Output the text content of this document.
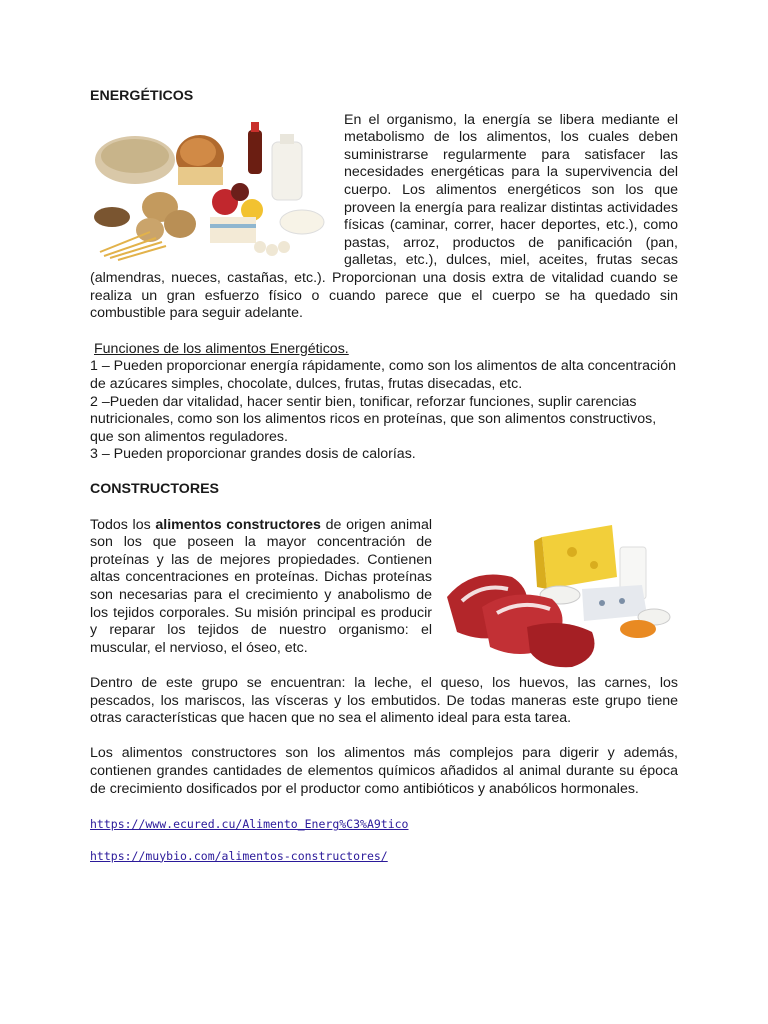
ENERGÉTICOS

En el organismo, la energía se libera mediante el metabolismo de los alimentos, los cuales deben suministrarse regularmente para satisfacer las necesidades energéticas para la supervivencia del cuerpo. Los alimentos energéticos son los que proveen la energía para realizar distintas actividades físicas (caminar, correr, hacer deportes, etc.), como pastas, arroz, productos de panificación (pan, galletas, etc.), dulces, miel, aceites, frutas secas (almendras, nueces, castañas, etc.). Proporcionan una dosis extra de vitalidad cuando se realiza un gran esfuerzo físico o cuando parece que el cuerpo se ha quedado sin combustible para seguir adelante.

Funciones de los alimentos Energéticos.

1 – Pueden proporcionar energía rápidamente, como son los alimentos de alta concentración de azúcares simples, chocolate, dulces, frutas, frutas disecadas, etc.

2 –Pueden dar vitalidad, hacer sentir bien, tonificar, reforzar funciones, suplir carencias nutricionales, como son los alimentos ricos en proteínas, que son alimentos constructivos, que son alimentos reguladores.

3 – Pueden proporcionar grandes dosis de calorías.

CONSTRUCTORES

Todos los alimentos constructores de origen animal son los que poseen la mayor concentración de proteínas y las de mejores propiedades. Contienen altas concentraciones en proteínas. Dichas proteínas son necesarias para el crecimiento y anabolismo de los tejidos corporales. Su misión principal es producir y reparar los tejidos de nuestro organismo: el muscular, el nervioso, el óseo, etc.

Dentro de este grupo se encuentran: la leche, el queso, los huevos, las carnes, los pescados, los mariscos, las vísceras y los embutidos. De todas maneras este grupo tiene otras características que hacen que no sea el alimento ideal para esta tarea.

Los alimentos constructores son los alimentos más complejos para digerir y además, contienen grandes cantidades de elementos químicos añadidos al animal durante su época de crecimiento dosificados por el productor como antibióticos y anabólicos hormonales.

https://www.ecured.cu/Alimento_Energ%C3%A9tico
https://muybio.com/alimentos-constructores/
